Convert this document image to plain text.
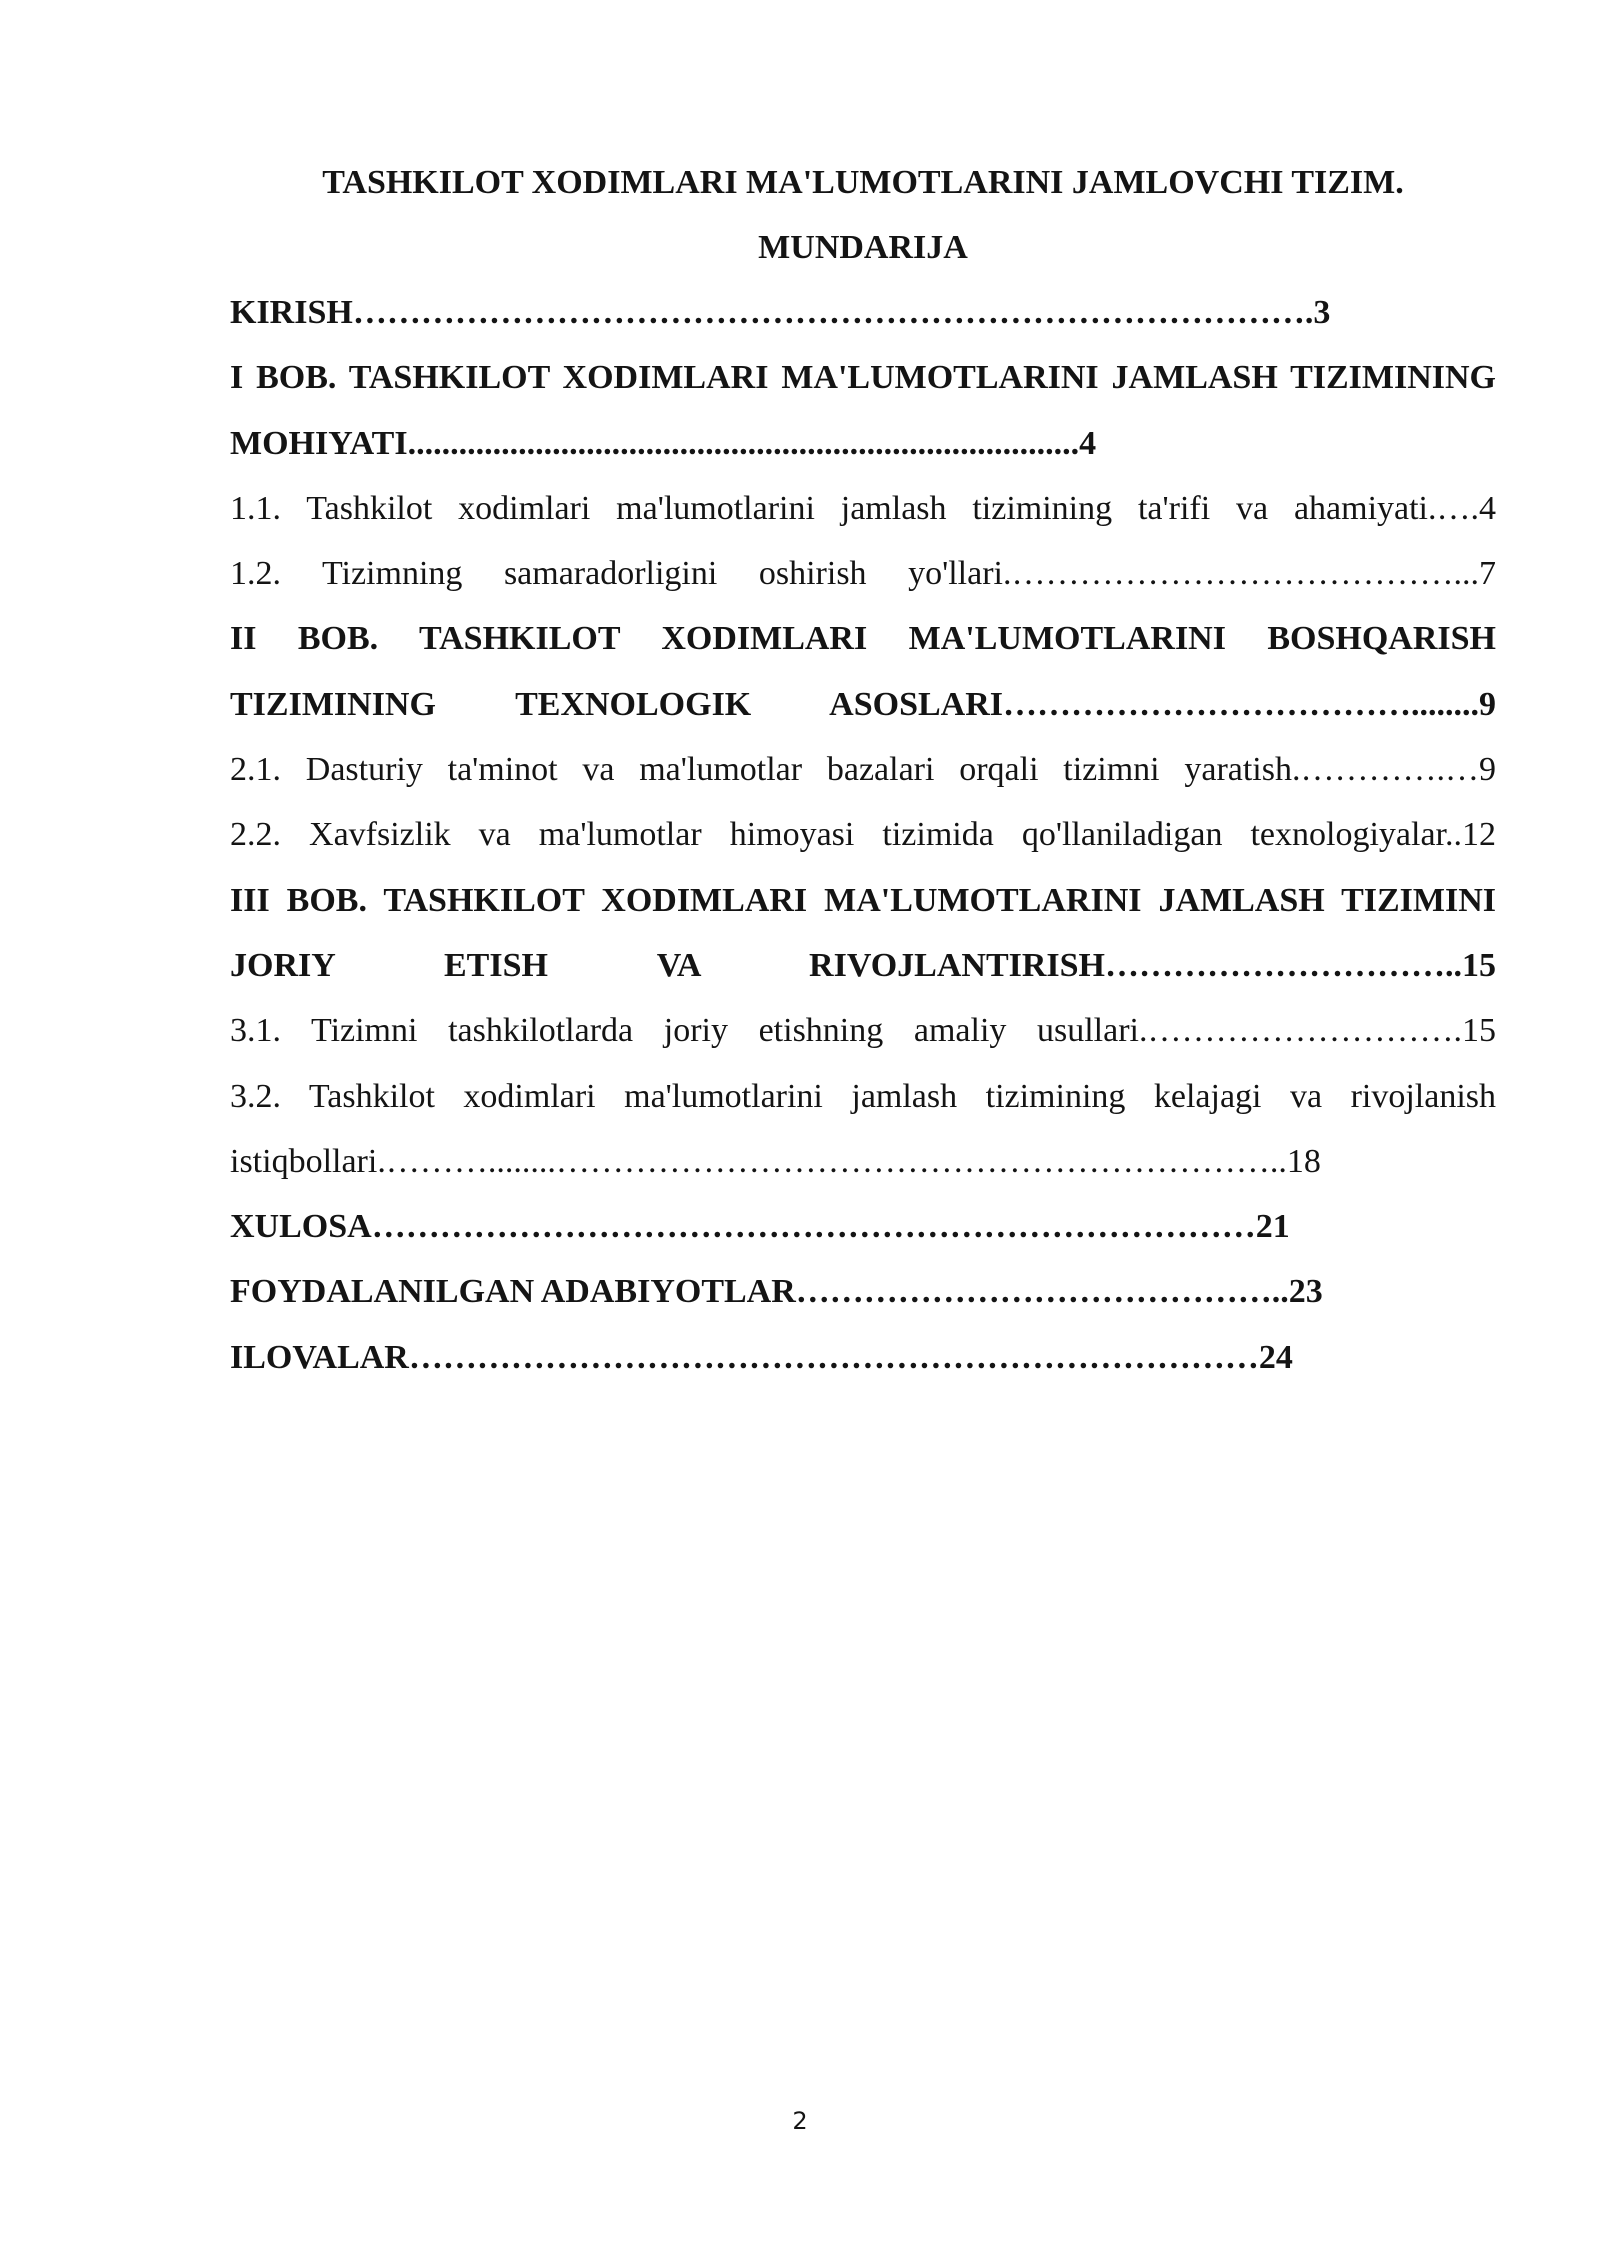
TASHKILOT XODIMLARI MA'LUMOTLARINI JAMLOVCHI TIZIM.

MUNDARIJA

KIRISH………………………………………………………………………….3
I BOB. TASHKILOT XODIMLARI MA'LUMOTLARINI JAMLASH TIZIMINING MOHIYATI...............................................................................4
1.1. Tashkilot xodimlari ma'lumotlarini jamlash tizimining ta'rifi va ahamiyati.….4
1.2. Tizimning samaradorligini oshirish yo'llari.…………………………………...7
II BOB. TASHKILOT XODIMLARI MA'LUMOTLARINI BOSHQARISH TIZIMINING TEXNOLOGIK ASOSLARI………………………………........9
2.1. Dasturiy ta'minot va ma'lumotlar bazalari orqali tizimni yaratish.………….…9
2.2. Xavfsizlik va ma'lumotlar himoyasi tizimida qo'llaniladigan texnologiyalar..12
III BOB. TASHKILOT XODIMLARI MA'LUMOTLARINI JAMLASH TIZIMINI JORIY ETISH VA RIVOJLANTIRISH…………………………..15
3.1. Tizimni tashkilotlarda joriy etishning amaliy usullari.……………………….15
3.2. Tashkilot xodimlari ma'lumotlarini jamlash tizimining kelajagi va rivojlanish istiqbollari.………........………………………………………………………..18
XULOSA……………………………………………………………………21
FOYDALANILGAN ADABIYOTLAR……………………………………..23
ILOVALAR…………………………………………………………………24
2
